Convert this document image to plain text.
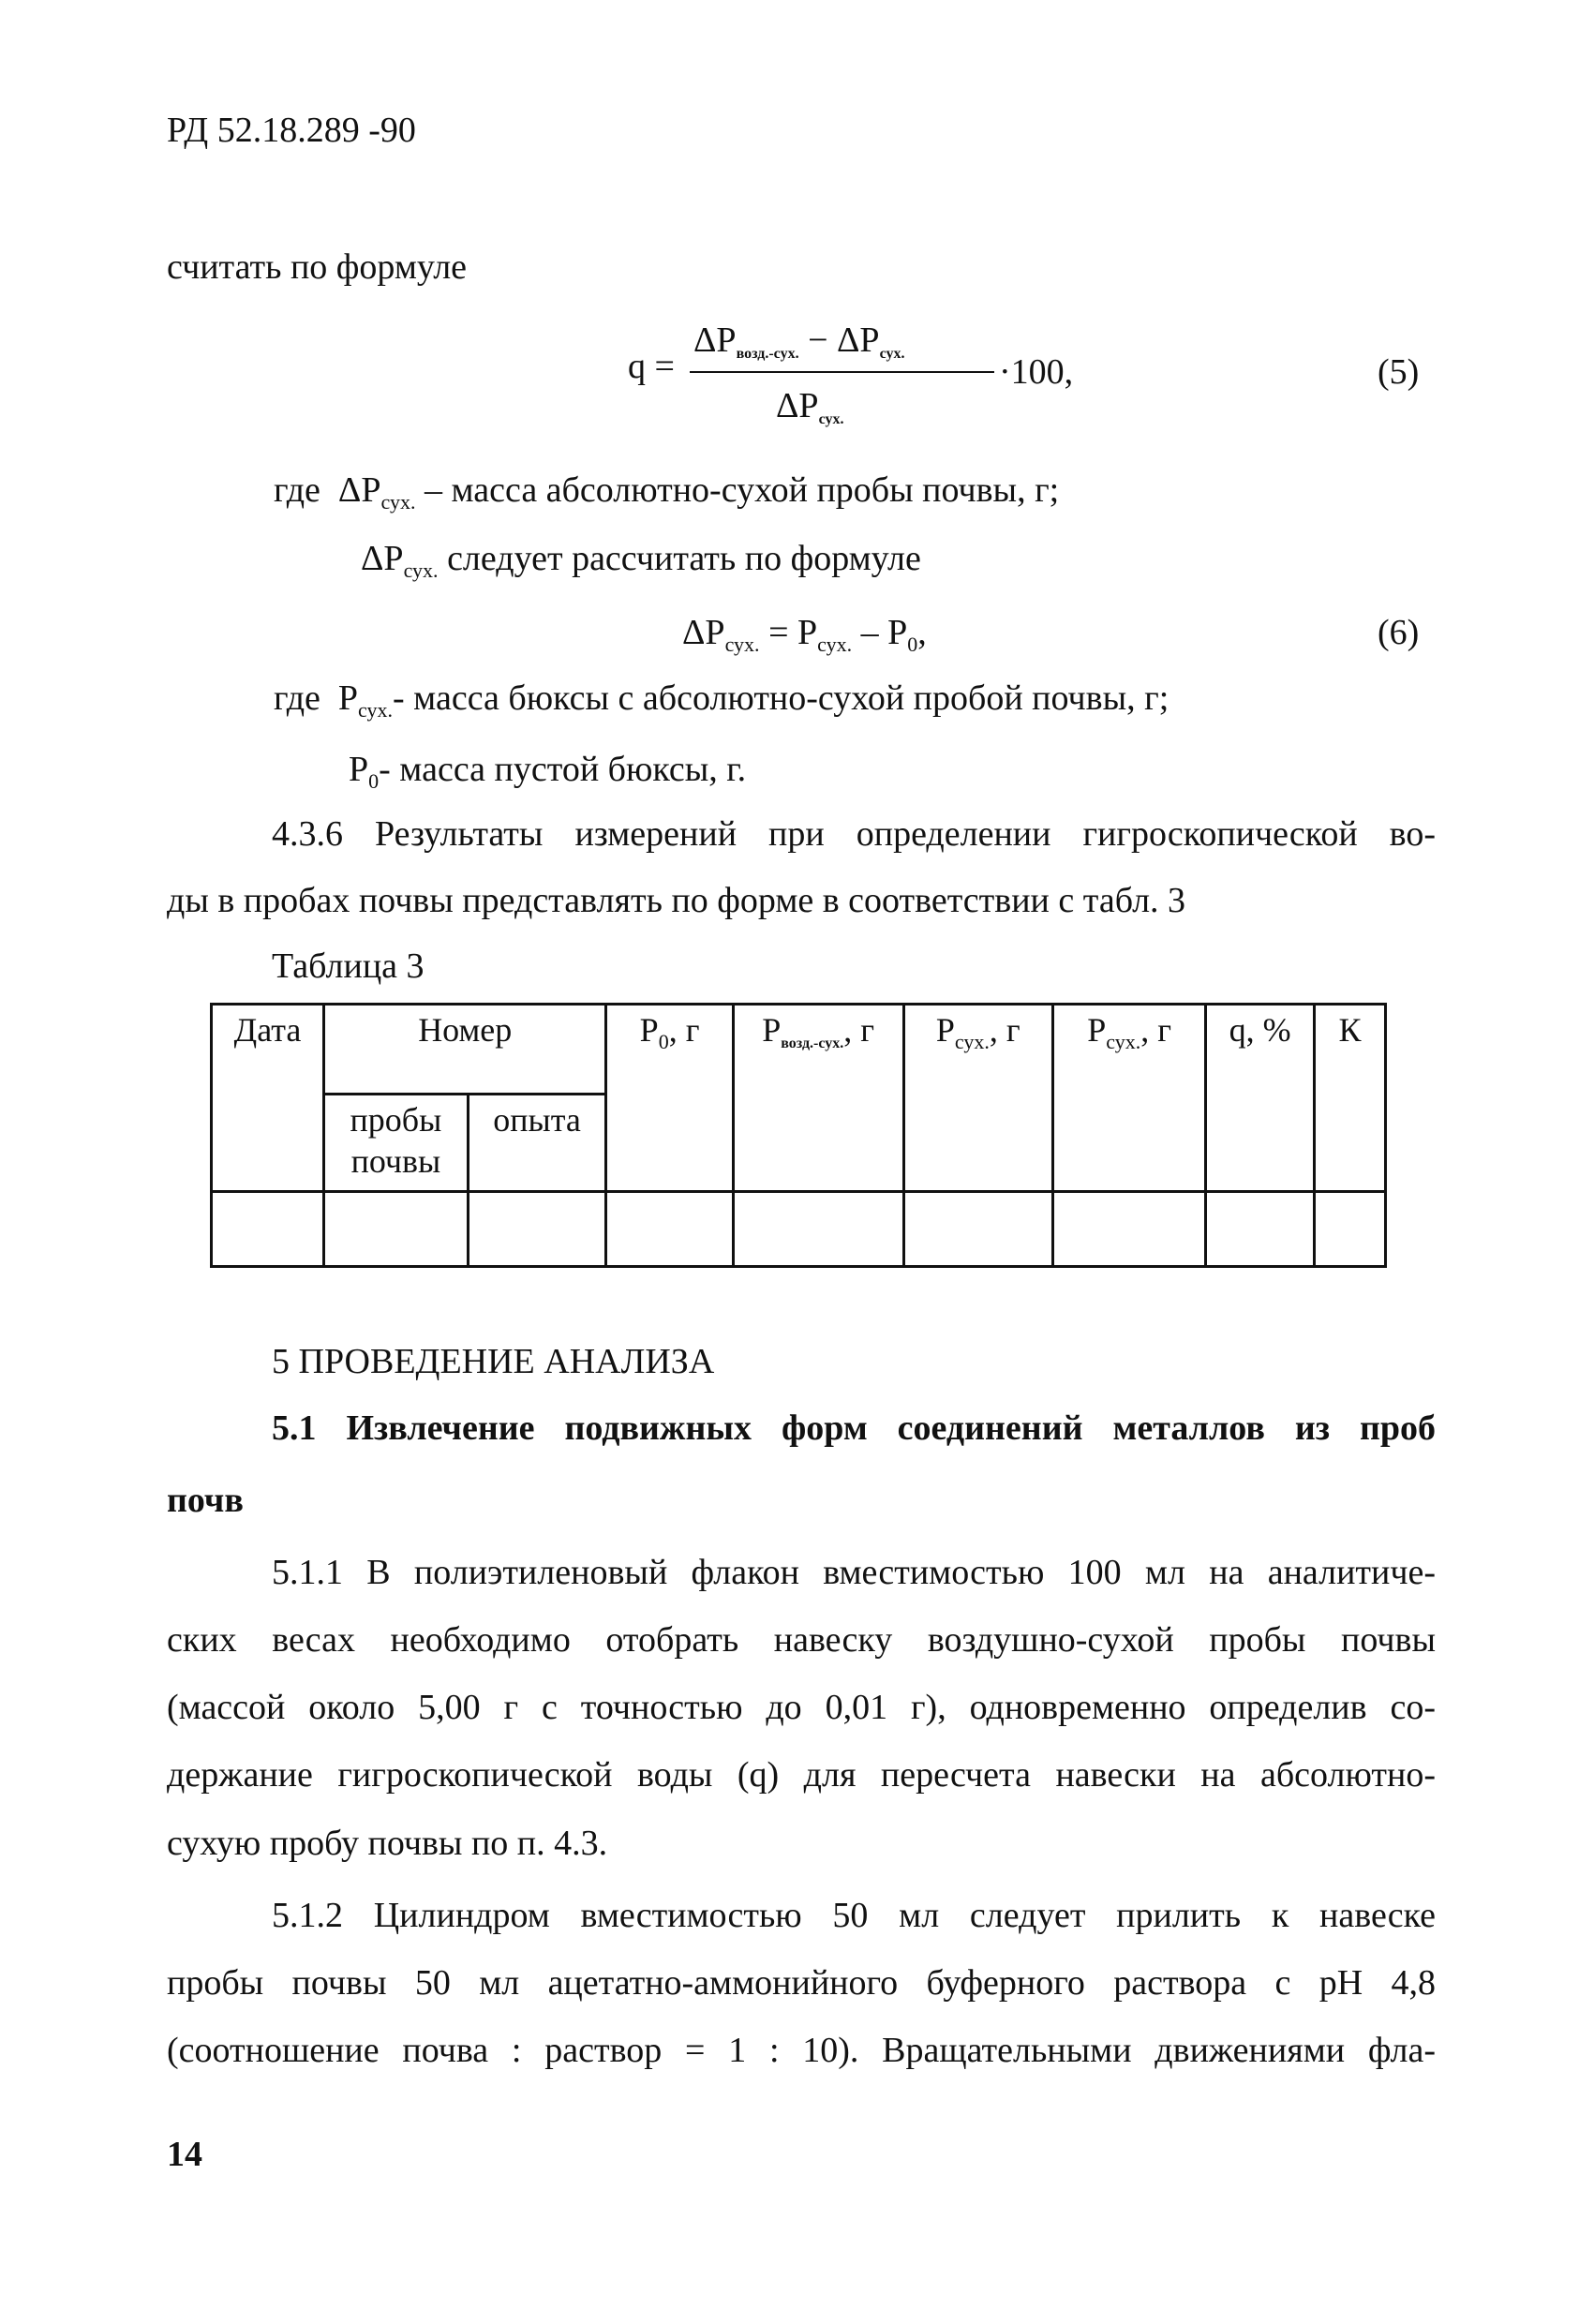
РД 52.18.289 -90
считать по формуле
q =
ΔPвозд.-сух. − ΔPсух.
ΔPсух.
·100,	(5)
где $\Delta P_{сух.}$ – масса абсолютно-сухой пробы почвы, г;
$\Delta P_{сух.}$ следует рассчитать по формуле
$\Delta P_{сух.} = P_{сух.} - P_0$,	(6)
где $P_{сух.}-$ масса бюксы с абсолютно-сухой пробой почвы, г;
$P_0-$ масса пустой бюксы, г.
4.3.6 Результаты измерений при определении гигроскопической во-
ды в пробах почвы представлять по форме в соответствии с табл. 3
Таблица 3
Дата	Номер		$P_0$, г	Pвозд.-сух., г	$P_{сух.}$, г	$P_{сух.}$, г	q, %	К
	пробы почвы	опыта						

5 ПРОВЕДЕНИЕ АНАЛИЗА
5.1 Извлечение подвижных форм соединений металлов из проб
почв
5.1.1 В полиэтиленовый флакон вместимостью 100 мл на аналитиче-
ских весах необходимо отобрать навеску воздушно-сухой пробы почвы
(массой около 5,00 г с точностью до 0,01 г), одновременно определив со-
держание гигроскопической воды (q) для пересчета навески на абсолютно-
сухую пробу почвы по п. 4.3.
5.1.2 Цилиндром вместимостью 50 мл следует прилить к навеске
пробы почвы 50 мл ацетатно-аммонийного буферного раствора с pH 4,8
(соотношение почва : раствор = 1 : 10). Вращательными движениями фла-
14
